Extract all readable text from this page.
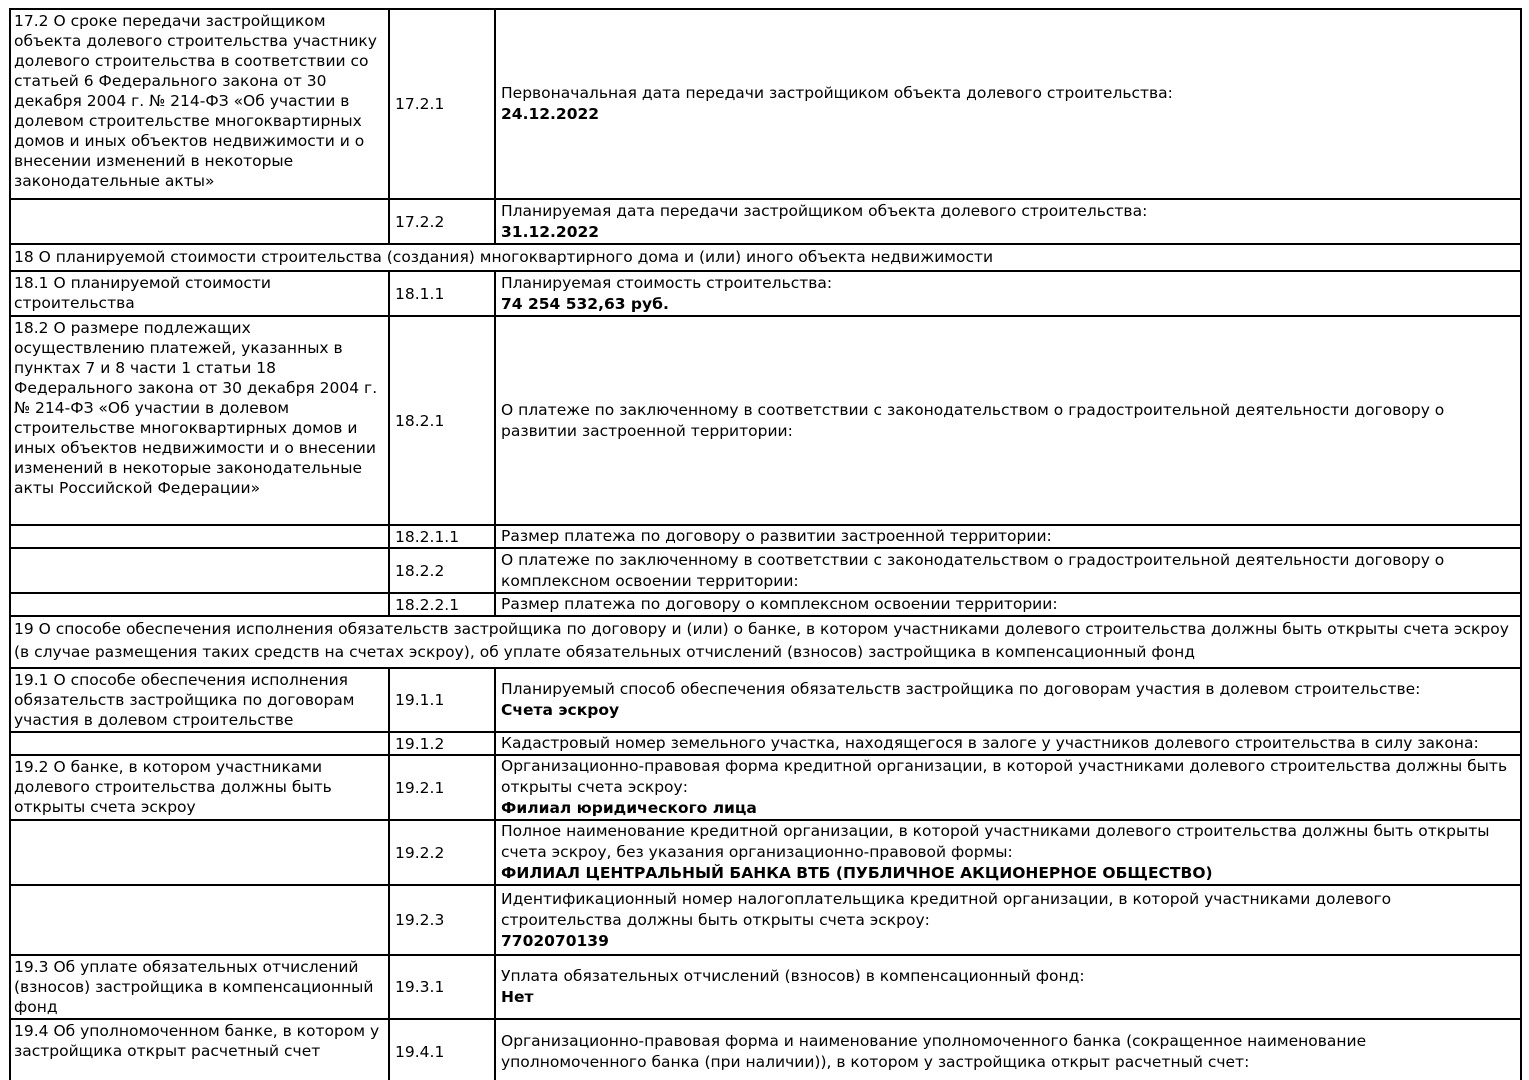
17.2 О сроке передачи застройщиком объекта долевого строительства участнику долевого строительства в соответствии со статьей 6 Федерального закона от 30 декабря 2004 г. № 214-ФЗ «Об участии в долевом строительстве многоквартирных домов и иных объектов недвижимости и о внесении изменений в некоторые законодательные акты»	17.2.1	Первоначальная дата передачи застройщиком объекта долевого строительства:
24.12.2022

	17.2.2	Планируемая дата передачи застройщиком объекта долевого строительства:
31.12.2022

18 О планируемой стоимости строительства (создания) многоквартирного дома и (или) иного объекта недвижимости		
18.1 О планируемой стоимости строительства	18.1.1	Планируемая стоимость строительства:
74 254 532,63 руб.

18.2 О размере подлежащих осуществлению платежей, указанных в пунктах 7 и 8 части 1 статьи 18 Федерального закона от 30 декабря 2004 г. № 214-ФЗ «Об участии в долевом строительстве многоквартирных домов и иных объектов недвижимости и о внесении изменений в некоторые законодательные акты Российской Федерации»	18.2.1	О платеже по заключенному в соответствии с законодательством о градостроительной деятельности договору о развитии застроенной территории:

	18.2.1.1	Размер платежа по договору о развитии застроенной территории:

	18.2.2	О платеже по заключенному в соответствии с законодательством о градостроительной деятельности договору о комплексном освоении территории:

	18.2.2.1	Размер платежа по договору о комплексном освоении территории:

19 О способе обеспечения исполнения обязательств застройщика по договору и (или) о банке, в котором участниками долевого строительства должны быть открыты счета эскроу (в случае размещения таких средств на счетах эскроу), об уплате обязательных отчислений (взносов) застройщика в компенсационный фонд		
19.1 О способе обеспечения исполнения обязательств застройщика по договорам участия в долевом строительстве	19.1.1	Планируемый способ обеспечения обязательств застройщика по договорам участия в долевом строительстве:
Счета эскроу

	19.1.2	Кадастровый номер земельного участка, находящегося в залоге у участников долевого строительства в силу закона:

19.2 О банке, в котором участниками долевого строительства должны быть открыты счета эскроу	19.2.1	Организационно-правовая форма кредитной организации, в которой участниками долевого строительства должны быть открыты счета эскроу:
Филиал юридического лица

	19.2.2	Полное наименование кредитной организации, в которой участниками долевого строительства должны быть открыты счета эскроу, без указания организационно-правовой формы:
ФИЛИАЛ ЦЕНТРАЛЬНЫЙ БАНКА ВТБ (ПУБЛИЧНОЕ АКЦИОНЕРНОЕ ОБЩЕСТВО)

	19.2.3	Идентификационный номер налогоплательщика кредитной организации, в которой участниками долевого строительства должны быть открыты счета эскроу:
7702070139

19.3 Об уплате обязательных отчислений (взносов) застройщика в компенсационный фонд	19.3.1	Уплата обязательных отчислений (взносов) в компенсационный фонд:
Нет

19.4 Об уполномоченном банке, в котором у застройщика открыт расчетный счет	19.4.1	Организационно-правовая форма и наименование уполномоченного банка (сокращенное наименование уполномоченного банка (при наличии)), в котором у застройщика открыт расчетный счет:
